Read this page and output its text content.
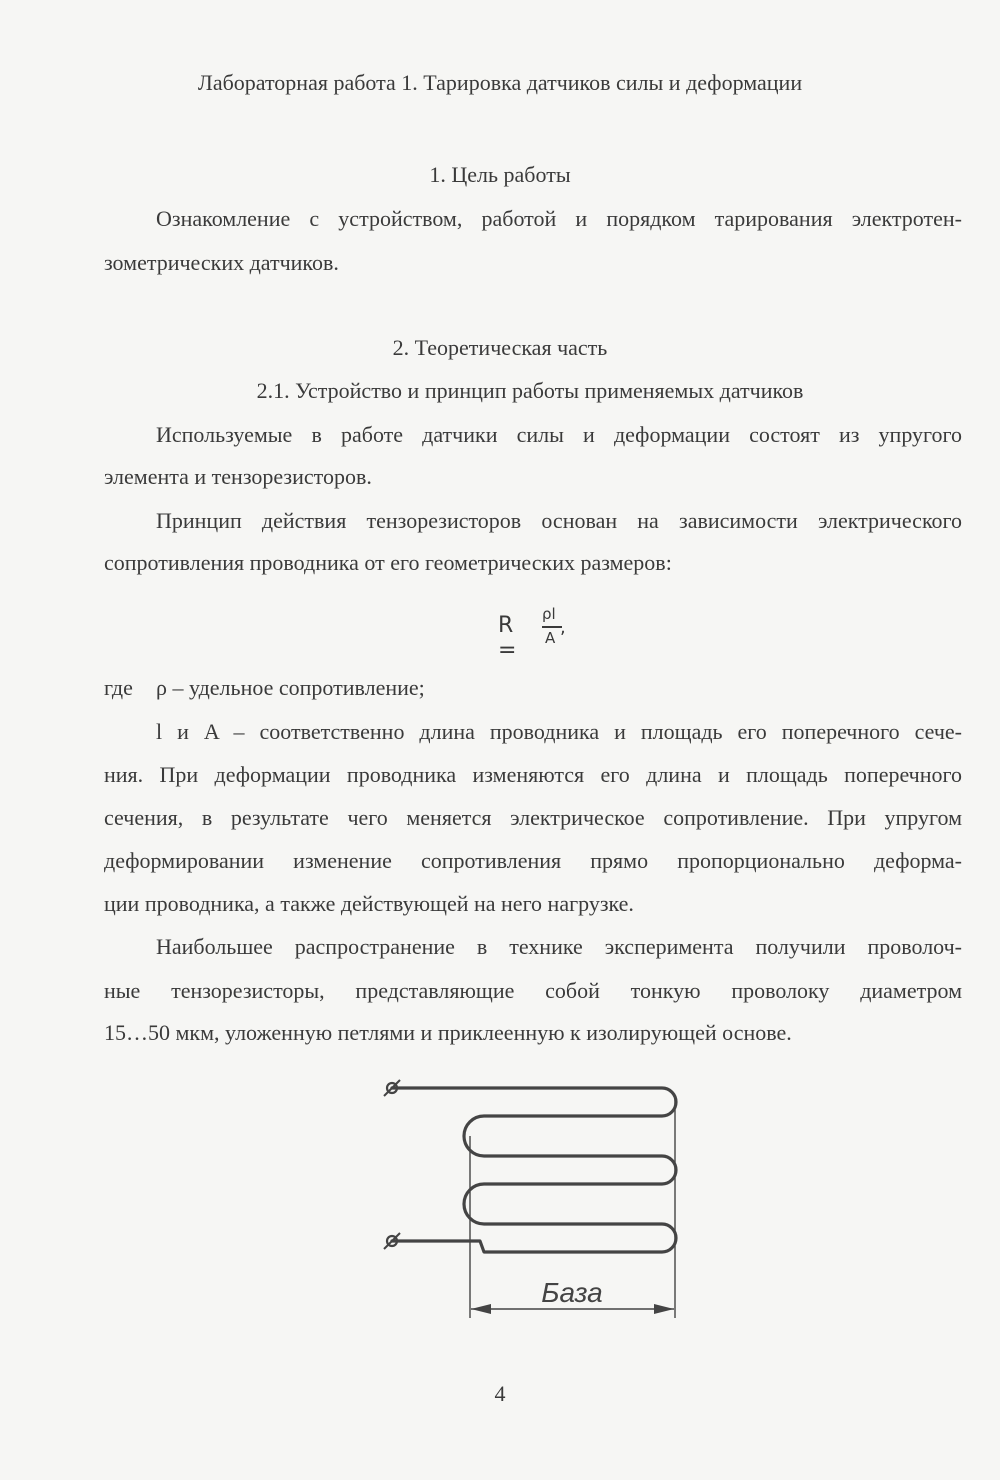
Лабораторная работа 1. Тарировка датчиков силы и деформации
1. Цель работы
Ознакомление с устройством, работой и порядком тарирования электротен-
зометрических датчиков.
2. Теоретическая часть
2.1. Устройство и принцип работы применяемых датчиков
Используемые в работе датчики силы и деформации состоят из упругого
элемента и тензорезисторов.
Принцип действия тензорезисторов основан на зависимости электрического
сопротивления проводника от его геометрических размеров:
R =
ρl
A ,
где ρ – удельное сопротивление;
l и A – соответственно длина проводника и площадь его поперечного сече-
ния. При деформации проводника изменяются его длина и площадь поперечного
сечения, в результате чего меняется электрическое сопротивление. При упругом
деформировании изменение сопротивления прямо пропорционально деформа-
ции проводника, а также действующей на него нагрузке.
Наибольшее распространение в технике эксперимента получили проволоч-
ные тензорезисторы, представляющие собой тонкую проволоку диаметром
15…50 мкм, уложенную петлями и приклеенную к изолирующей основе.
База
4
